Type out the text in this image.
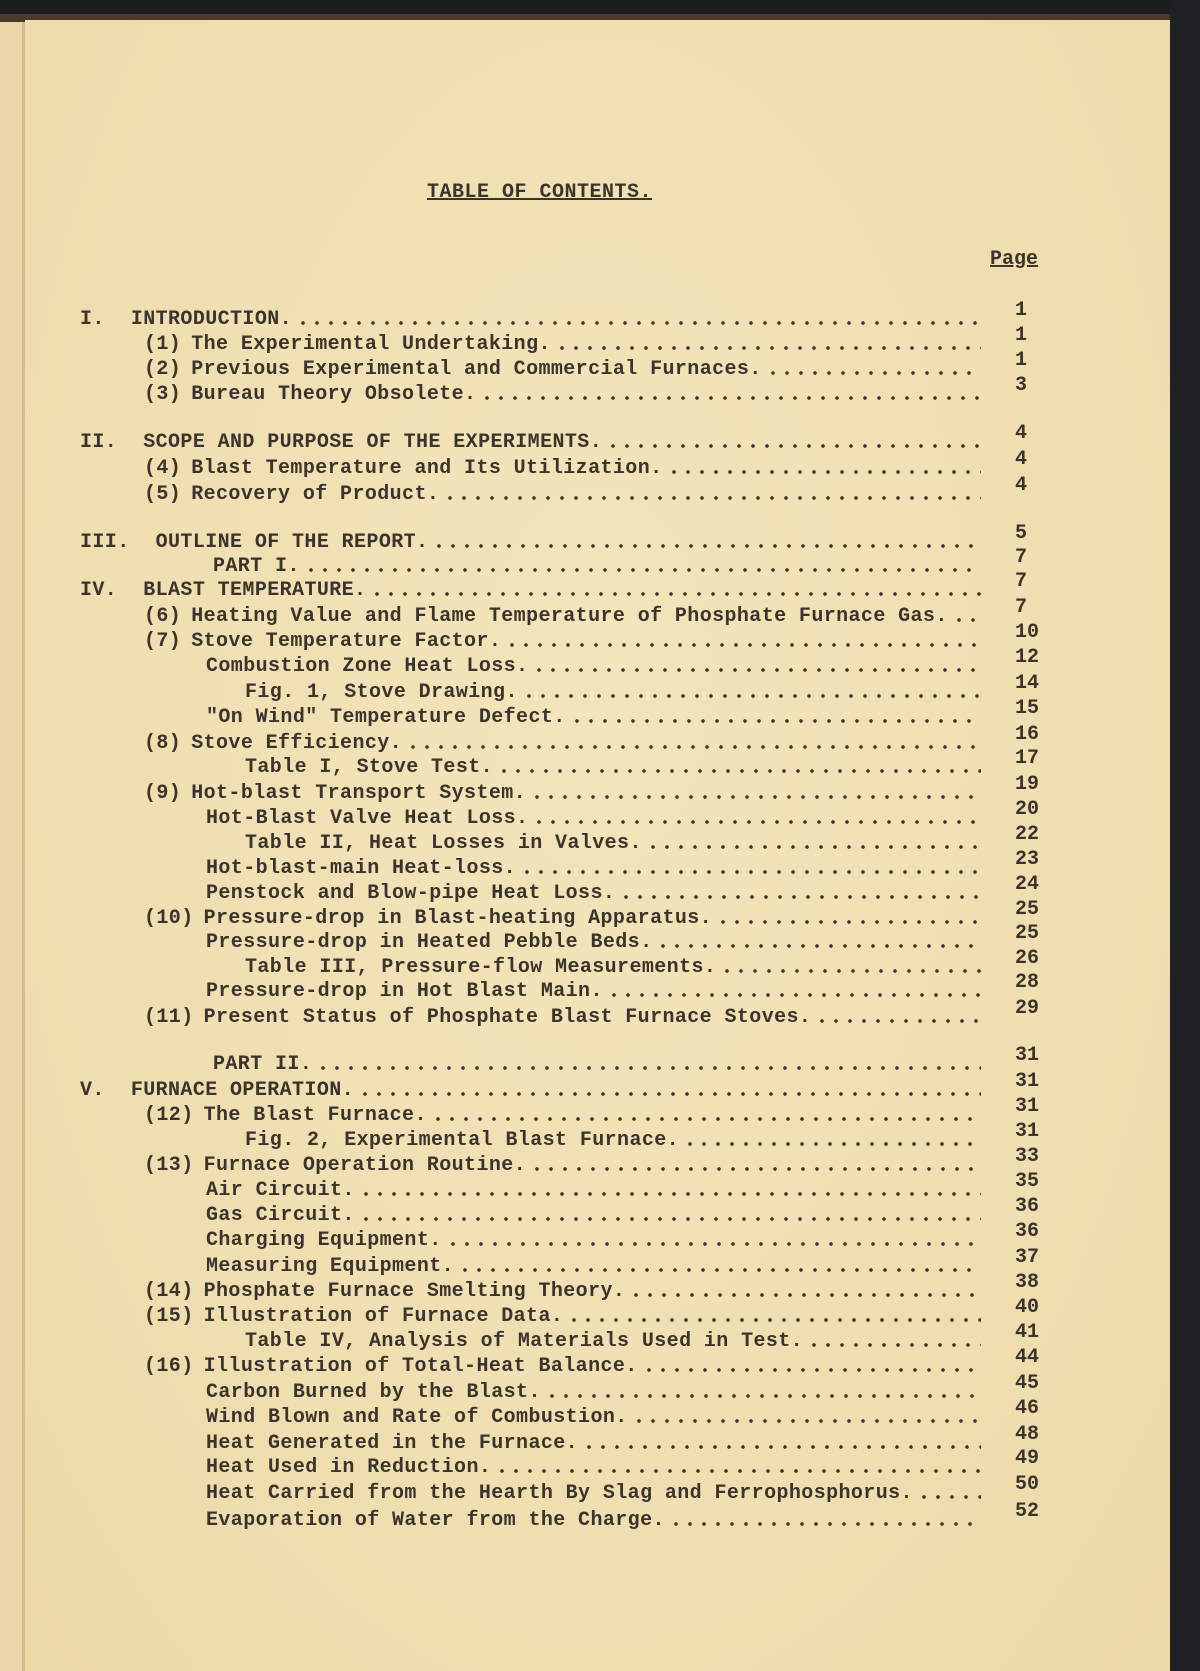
TABLE OF CONTENTS.
Page
I. INTRODUCTION.	1
(1) The Experimental Undertaking.	1
(2) Previous Experimental and Commercial Furnaces.	1
(3) Bureau Theory Obsolete.	3
II. SCOPE AND PURPOSE OF THE EXPERIMENTS.	4
(4) Blast Temperature and Its Utilization.	4
(5) Recovery of Product.	4
III. OUTLINE OF THE REPORT.	5
PART I.	7
IV. BLAST TEMPERATURE.	7
(6) Heating Value and Flame Temperature of Phosphate Furnace Gas.	7
(7) Stove Temperature Factor.	10
Combustion Zone Heat Loss.	12
Fig. 1, Stove Drawing.	14
"On Wind" Temperature Defect.	15
(8) Stove Efficiency.	16
Table I, Stove Test.	17
(9) Hot-blast Transport System.	19
Hot-Blast Valve Heat Loss.	20
Table II, Heat Losses in Valves.	22
Hot-blast-main Heat-loss.	23
Penstock and Blow-pipe Heat Loss.	24
(10) Pressure-drop in Blast-heating Apparatus.	25
Pressure-drop in Heated Pebble Beds.	25
Table III, Pressure-flow Measurements.	26
Pressure-drop in Hot Blast Main.	28
(11) Present Status of Phosphate Blast Furnace Stoves.	29
PART II.	31
V. FURNACE OPERATION.	31
(12) The Blast Furnace.	31
Fig. 2, Experimental Blast Furnace.	31
(13) Furnace Operation Routine.	33
Air Circuit.	35
Gas Circuit.	36
Charging Equipment.	36
Measuring Equipment.	37
(14) Phosphate Furnace Smelting Theory.	38
(15) Illustration of Furnace Data.	40
Table IV, Analysis of Materials Used in Test.	41
(16) Illustration of Total-Heat Balance.	44
Carbon Burned by the Blast.	45
Wind Blown and Rate of Combustion.	46
Heat Generated in the Furnace.	48
Heat Used in Reduction.	49
Heat Carried from the Hearth By Slag and Ferrophosphorus.	50
Evaporation of Water from the Charge.	52
